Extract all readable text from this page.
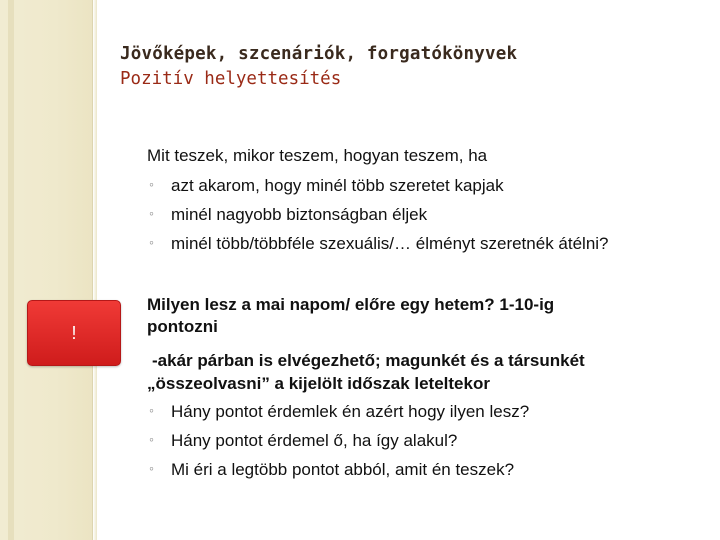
Jövőképek, szcenáriók, forgatókönyvek
Pozitív helyettesítés
!
Mit teszek, mikor teszem, hogyan teszem, ha
◦ azt akarom, hogy minél több szeretet kapjak
◦ minél nagyobb biztonságban éljek
◦ minél több/többféle szexuális/… élményt szeretnék átélni?
Milyen lesz a mai napom/ előre egy hetem? 1-10-ig
pontozni
-akár párban is elvégezhető; magunkét és a társunkét
„összeolvasni” a kijelölt időszak leteltekor
◦ Hány pontot érdemlek én azért hogy ilyen lesz?
◦ Hány pontot érdemel ő, ha így alakul?
◦ Mi éri a legtöbb pontot abból, amit én teszek?
